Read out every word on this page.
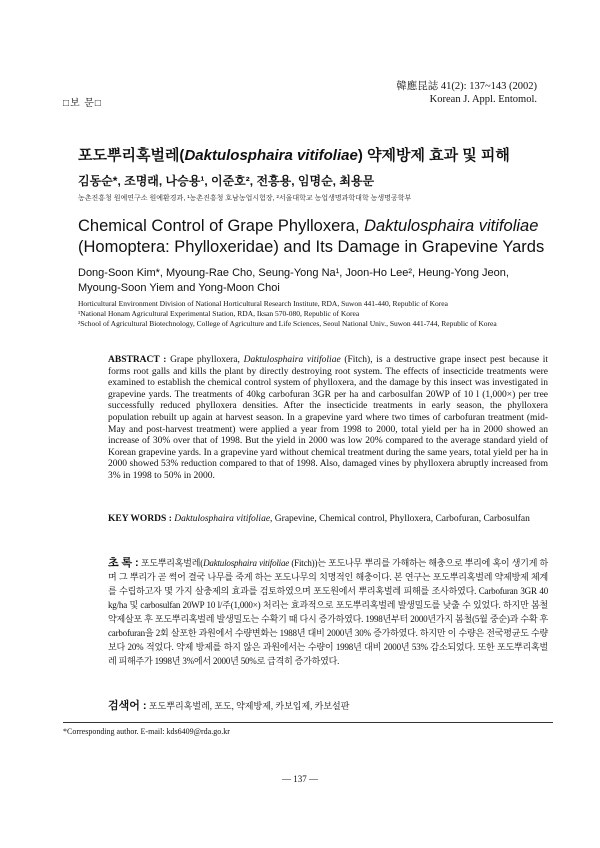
□보 문□
韓應昆誌 41(2): 137~143 (2002)
Korean J. Appl. Entomol.
포도뿌리혹벌레(Daktulosphaira vitifoliae) 약제방제 효과 및 피해
김동순*, 조명래, 나승용¹, 이준호², 전흥용, 임명순, 최용문
농촌진흥청 원예연구소 원예환경과, ¹농촌진흥청 호남농업시험장, ²서울대학교 농업생명과학대학 농생명공학부
Chemical Control of Grape Phylloxera, Daktulosphaira vitifoliae
(Homoptera: Phylloxeridae) and Its Damage in Grapevine Yards
Dong-Soon Kim*, Myoung-Rae Cho, Seung-Yong Na¹, Joon-Ho Lee², Heung-Yong Jeon, Myoung-Soon Yiem and Yong-Moon Choi
Horticultural Environment Division of National Horticultural Research Institute, RDA, Suwon 441-440, Republic of Korea
¹National Honam Agricultural Experimental Station, RDA, Iksan 570-080, Republic of Korea
²School of Agricultural Biotechnology, College of Agriculture and Life Sciences, Seoul National Univ., Suwon 441-744, Republic of Korea
ABSTRACT : Grape phylloxera, Daktulosphaira vitifoliae (Fitch), is a destructive grape insect pest because it forms root galls and kills the plant by directly destroying root system. The effects of insecticide treatments were examined to establish the chemical control system of phylloxera, and the damage by this insect was investigated in grapevine yards. The treatments of 40kg carbofuran 3GR per ha and carbosulfan 20WP of 10 l (1,000×) per tree successfully reduced phylloxera densities. After the insecticide treatments in early season, the phylloxera population rebuilt up again at harvest season. In a grapevine yard where two times of carbofuran treatment (mid-May and post-harvest treatment) were applied a year from 1998 to 2000, total yield per ha in 2000 showed an increase of 30% over that of 1998. But the yield in 2000 was low 20% compared to the average standard yield of Korean grapevine yards. In a grapevine yard without chemical treatment during the same years, total yield per ha in 2000 showed 53% reduction compared to that of 1998. Also, damaged vines by phylloxera abruptly increased from 3% in 1998 to 50% in 2000.
KEY WORDS : Daktulosphaira vitifoliae, Grapevine, Chemical control, Phylloxera, Carbofuran, Carbosulfan
초 록 : 포도뿌리혹벌레(Daktulosphaira vitifoliae (Fitch))는 포도나무 뿌리를 가해하는 해충으로 뿌리에 혹이 생기게 하며 그 뿌리가 곧 썩어 결국 나무를 죽게 하는 포도나무의 치명적인 해충이다. 본 연구는 포도뿌리혹벌레 약제방제 체계를 수립하고자 몇 가지 살충제의 효과를 검토하였으며 포도원에서 뿌리혹벌레 피해를 조사하였다. Carbofuran 3GR 40 kg/ha 및 carbosulfan 20WP 10 l/주(1,000×) 처리는 효과적으로 포도뿌리혹벌레 발생밀도를 낮출 수 있었다. 하지만 봄철 약제살포 후 포도뿌리혹벌레 발생밀도는 수확기 때 다시 증가하였다. 1998년부터 2000년가지 봄철(5월 중순)과 수확 후 carbofuran을 2회 살포한 과원에서 수량변화는 1988년 대비 2000년 30% 증가하였다. 하지만 이 수량은 전국평균도 수량보다 20% 적었다. 약제 방제를 하지 않은 과원에서는 수량이 1998년 대비 2000년 53% 감소되었다. 또한 포도뿌리혹벌레 피해주가 1998년 3%에서 2000년 50%로 급격히 증가하였다.
검색어 : 포도뿌리혹벌레, 포도, 약제방제, 카보입제, 카보설판
*Corresponding author. E-mail: kds6409@rda.go.kr
— 137 —
